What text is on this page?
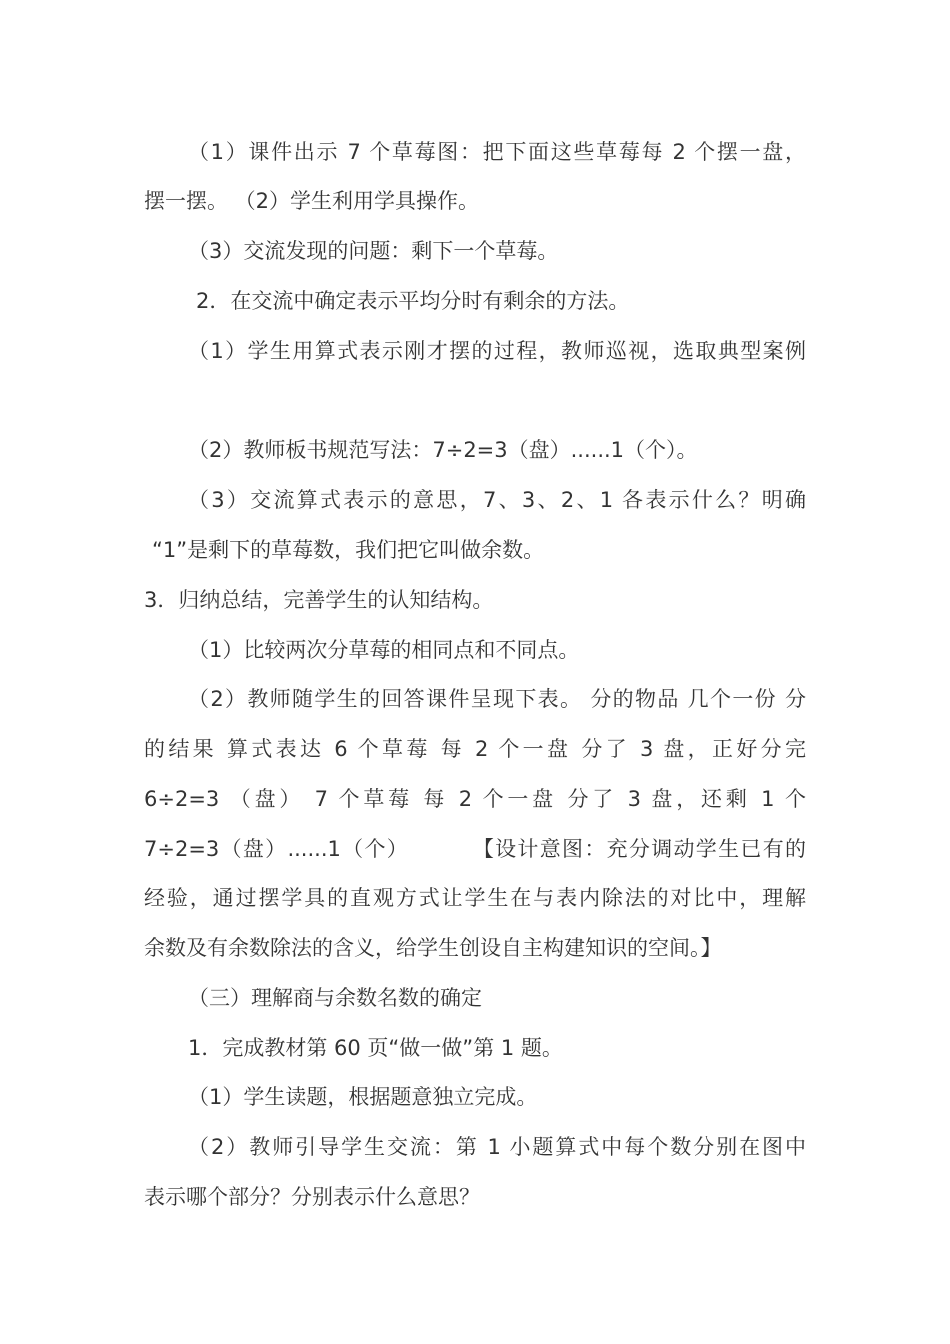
（1）课件出示 7 个草莓图：把下面这些草莓每 2 个摆一盘，
摆一摆。 （2）学生利用学具操作。
（3）交流发现的问题：剩下一个草莓。
2．在交流中确定表示平均分时有剩余的方法。
（1）学生用算式表示刚才摆的过程，教师巡视，选取典型案例
（2）教师板书规范写法：7÷2=3（盘）......1（个）。
（3）交流算式表示的意思，7、3、2、1 各表示什么？明确
“1”是剩下的草莓数，我们把它叫做余数。
3．归纳总结，完善学生的认知结构。
（1）比较两次分草莓的相同点和不同点。
（2）教师随学生的回答课件呈现下表。 分的物品 几个一份 分
的结果 算式表达 6 个草莓 每 2 个一盘 分了 3 盘，正好分完
6÷2=3 （盘） 7 个草莓 每 2 个一盘 分了 3 盘，还剩 1 个
7÷2=3（盘）......1（个）        【设计意图：充分调动学生已有的
经验，通过摆学具的直观方式让学生在与表内除法的对比中，理解
余数及有余数除法的含义，给学生创设自主构建知识的空间。】
（三）理解商与余数名数的确定
1．完成教材第 60 页“做一做”第 1 题。
（1）学生读题，根据题意独立完成。
（2）教师引导学生交流：第 1 小题算式中每个数分别在图中
表示哪个部分？分别表示什么意思？
